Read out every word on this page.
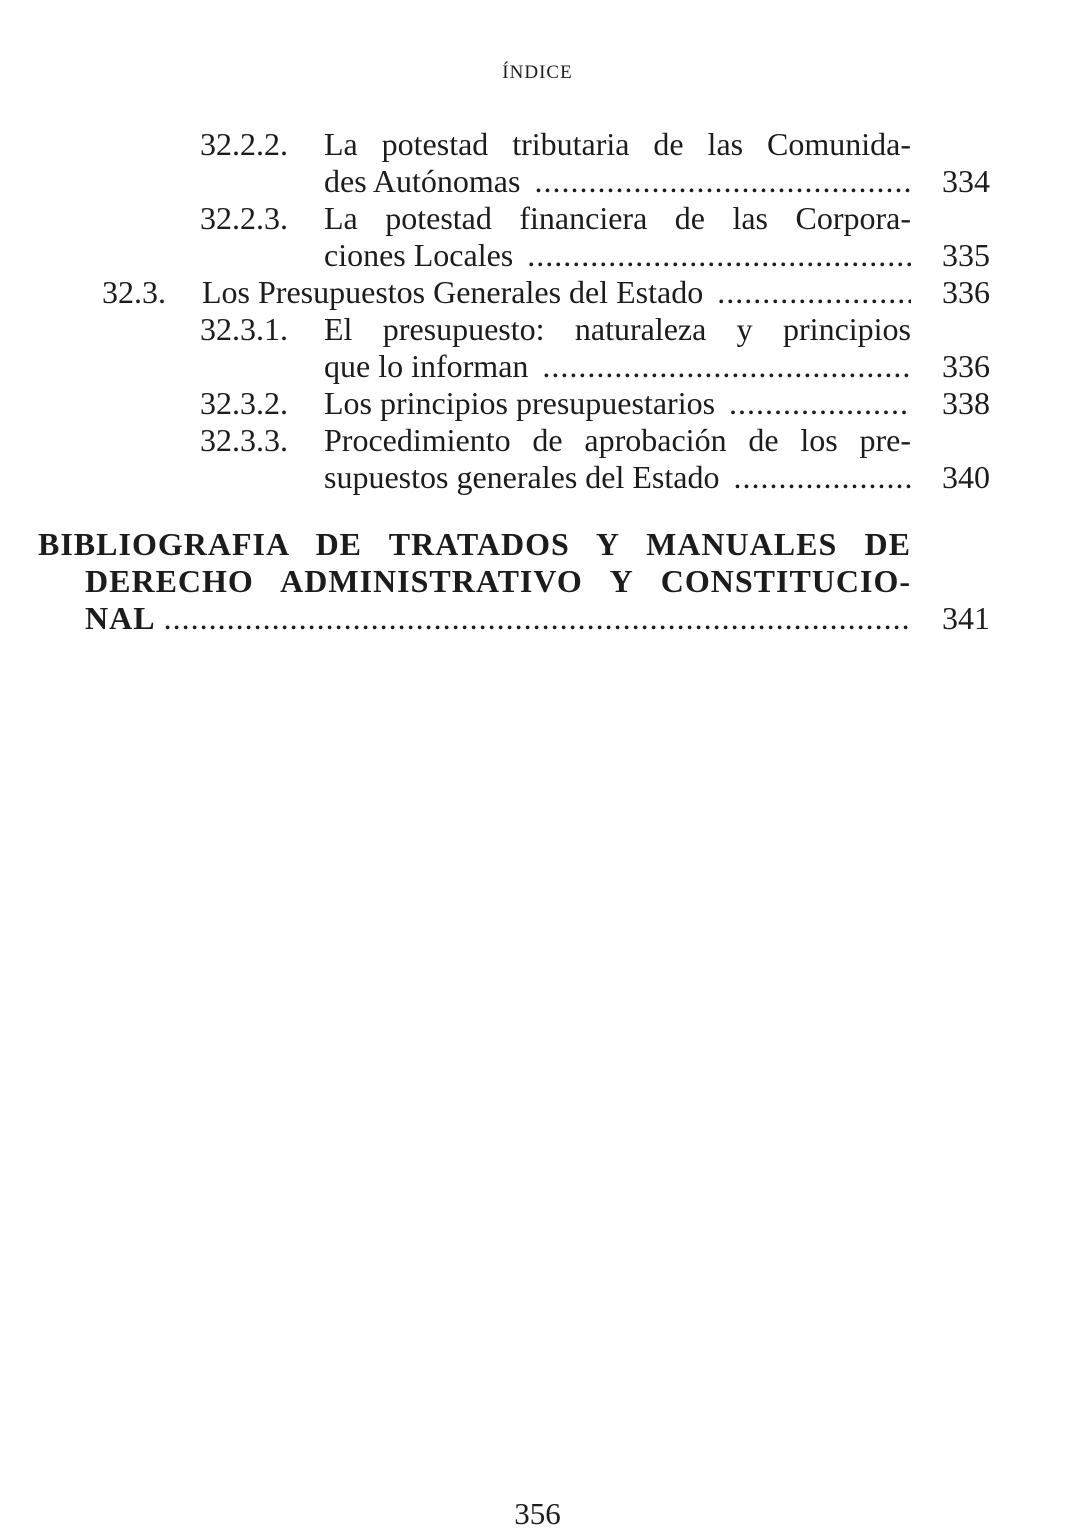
ÍNDICE
32.2.2. La potestad tributaria de las Comunida-
des Autónomas .....	334
32.2.3. La potestad financiera de las Corpora-
ciones Locales .....	335
32.3. Los Presupuestos Generales del Estado .....	336
32.3.1. El presupuesto: naturaleza y principios
que lo informan .....	336
32.3.2. Los principios presupuestarios .....	338
32.3.3. Procedimiento de aprobación de los pre-
supuestos generales del Estado .....	340
BIBLIOGRAFIA DE TRATADOS Y MANUALES DE
DERECHO ADMINISTRATIVO Y CONSTITUCIO-
NAL .....	341
356
